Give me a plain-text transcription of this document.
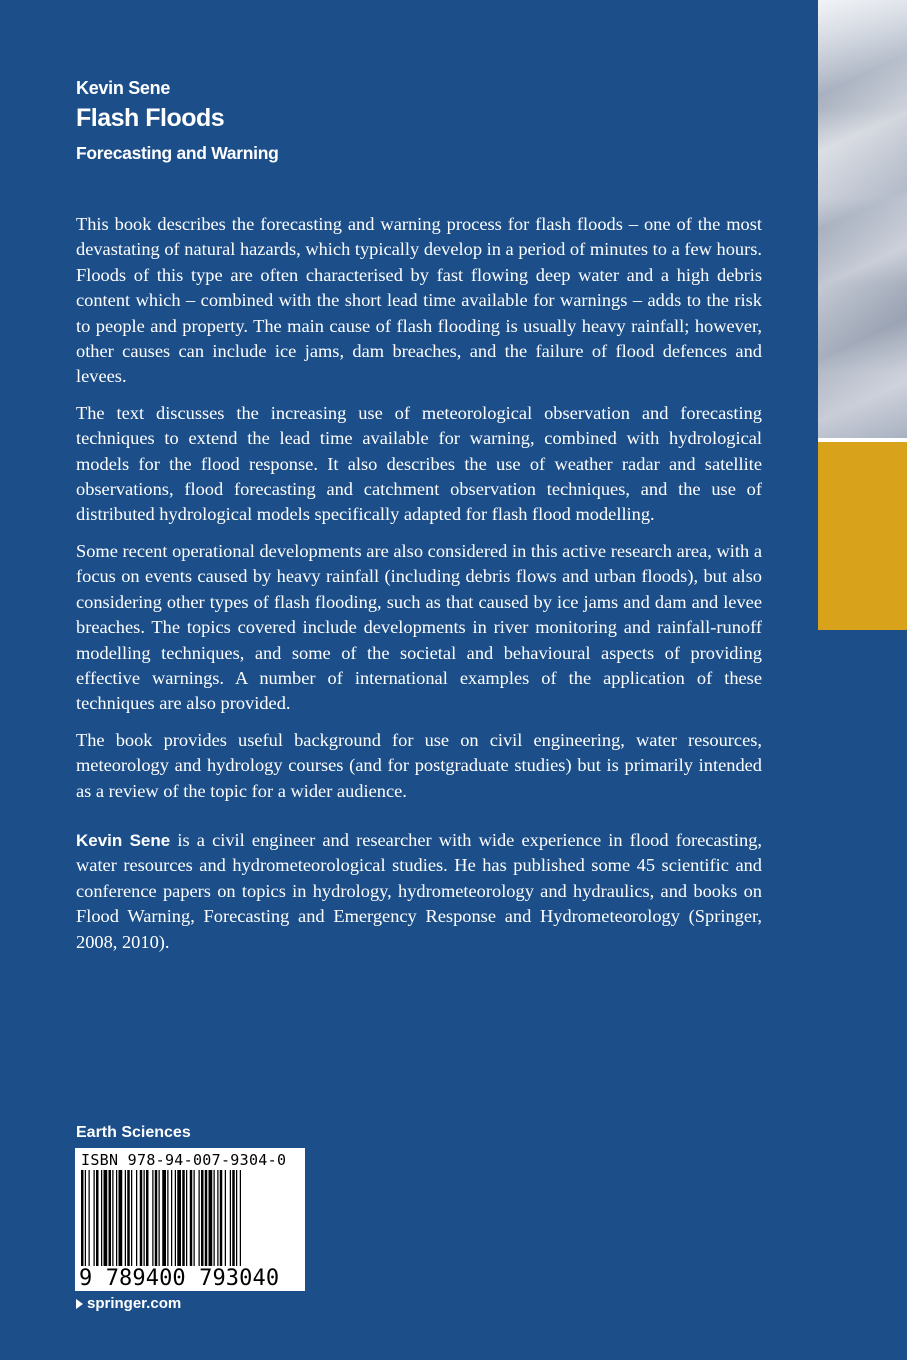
Kevin Sene
Flash Floods
Forecasting and Warning

This book describes the forecasting and warning process for flash floods – one of the most devastating of natural hazards, which typically develop in a period of minutes to a few hours. Floods of this type are often characterised by fast flowing deep water and a high debris content which – combined with the short lead time available for warnings – adds to the risk to people and property. The main cause of flash flooding is usually heavy rainfall; however, other causes can include ice jams, dam breaches, and the failure of flood defences and levees.

The text discusses the increasing use of meteorological observation and forecasting techniques to extend the lead time available for warning, combined with hydrological models for the flood response. It also describes the use of weather radar and satellite observations, flood forecasting and catchment observation techniques, and the use of distributed hydrological models specifically adapted for flash flood modelling.

Some recent operational developments are also considered in this active research area, with a focus on events caused by heavy rainfall (including debris flows and urban floods), but also considering other types of flash flooding, such as that caused by ice jams and dam and levee breaches. The topics covered include developments in river monitoring and rainfall-runoff modelling techniques, and some of the societal and behavioural aspects of providing effective warnings. A number of international examples of the application of these techniques are also provided.

The book provides useful background for use on civil engineering, water resources, meteorology and hydrology courses (and for postgraduate studies) but is primarily intended as a review of the topic for a wider audience.

Kevin Sene is a civil engineer and researcher with wide experience in flood forecasting, water resources and hydrometeorological studies. He has published some 45 scientific and conference papers on topics in hydrology, hydrometeorology and hydraulics, and books on Flood Warning, Forecasting and Emergency Response and Hydrometeorology (Springer, 2008, 2010).

Earth Sciences

ISBN 978-94-007-9304-0
9 789400 793040

springer.com
